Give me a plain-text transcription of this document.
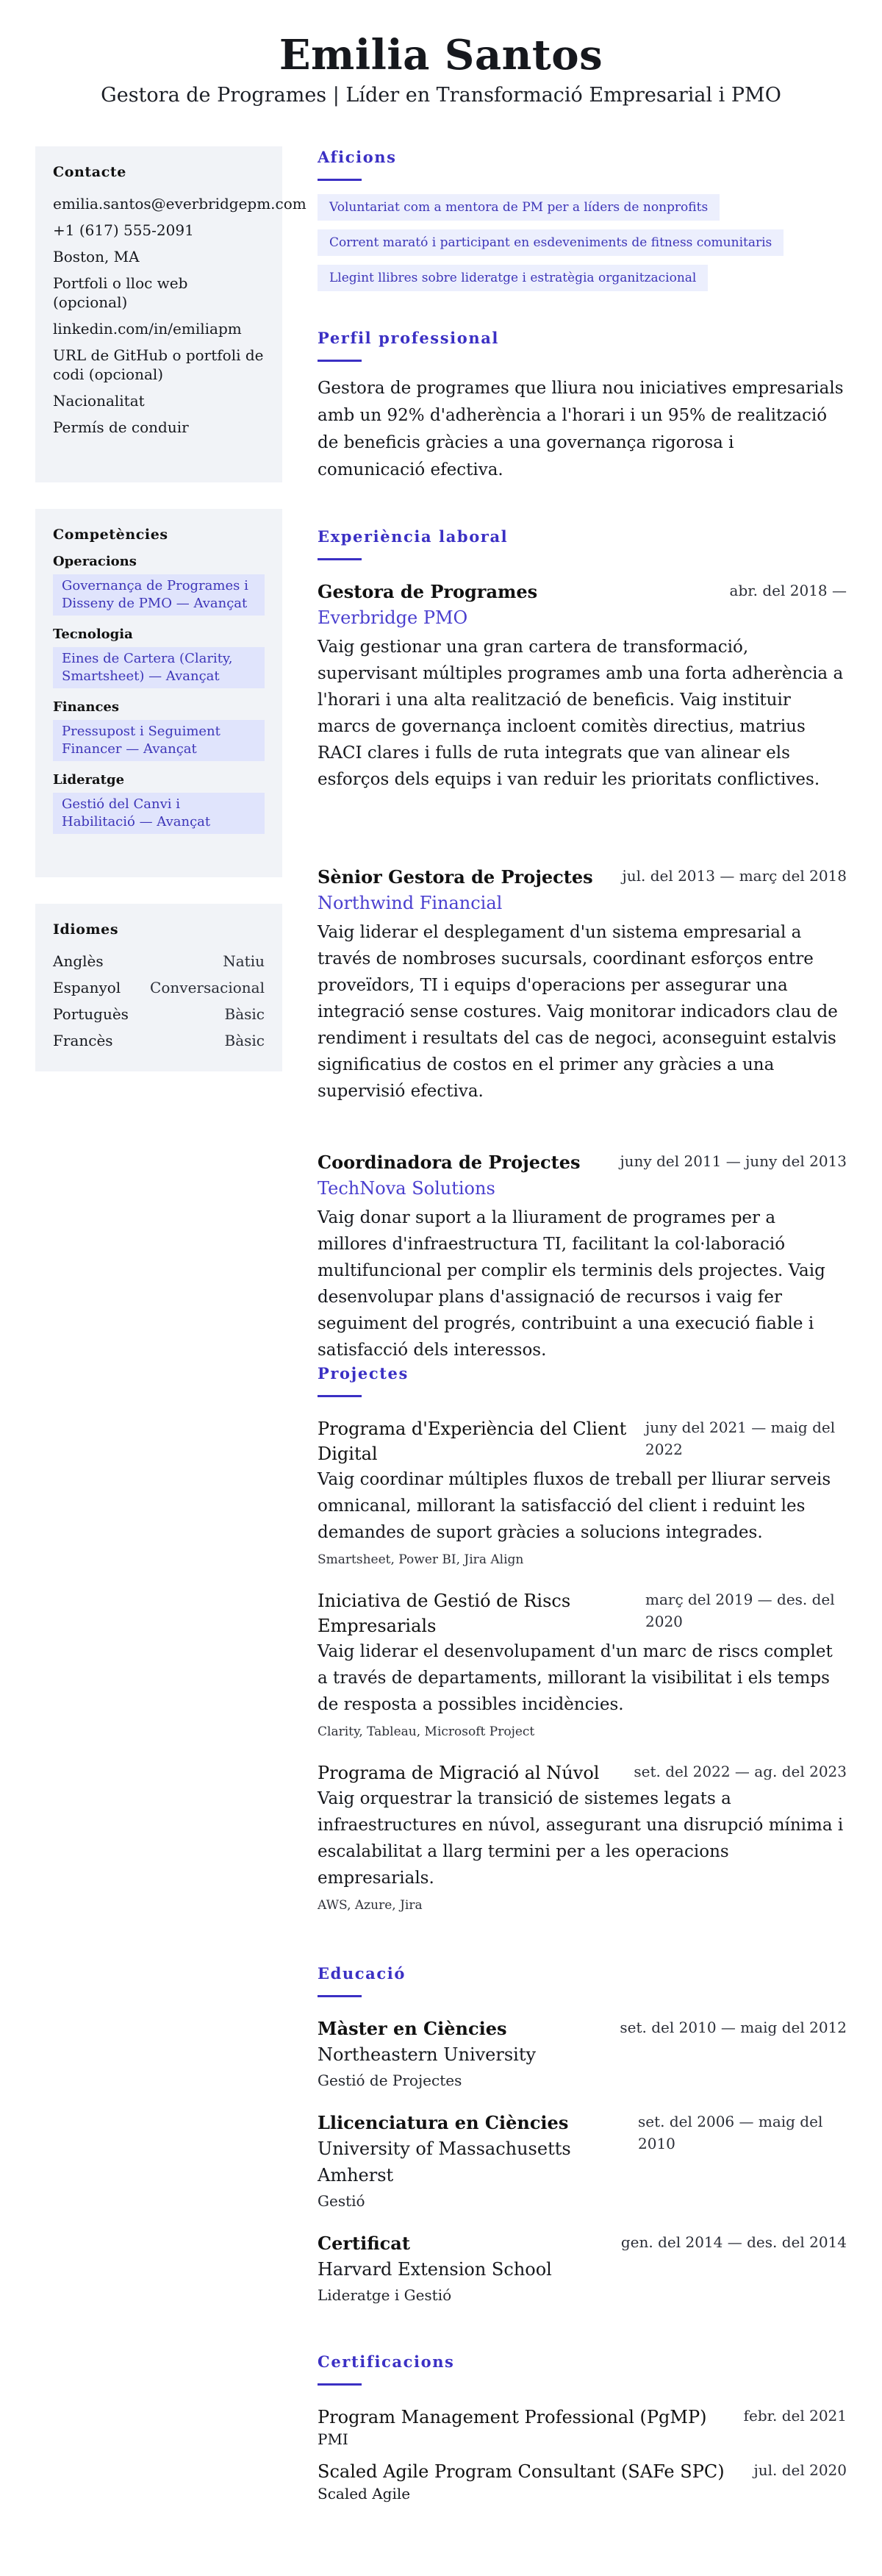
Emilia Santos
Gestora de Programes | Líder en Transformació Empresarial i PMO
Contacte
emilia.santos@everbridgepm.com
+1 (617) 555-2091
Boston, MA
Portfoli o lloc web (opcional)
linkedin.com/in/emiliapm
URL de GitHub o portfoli de codi (opcional)
Nacionalitat
Permís de conduir
Competències
Operacions
Governança de Programes i Disseny de PMO — Avançat
Tecnologia
Eines de Cartera (Clarity, Smartsheet) — Avançat
Finances
Pressupost i Seguiment Financer — Avançat
Lideratge
Gestió del Canvi i Habilitació — Avançat
Idiomes
Anglès	Natiu
Espanyol Conversacional
Portuguès	Bàsic
Francès	Bàsic
Aficions
Voluntariat com a mentora de PM per a líders de nonprofits
Corrent marató i participant en esdeveniments de fitness comunitaris
Llegint llibres sobre lideratge i estratègia organitzacional
Perfil professional

Gestora de programes que lliura nou iniciatives empresarials amb un 92% d'adherència a l'horari i un 95% de realització de beneficis gràcies a una governança rigorosa i comunicació efectiva.

Experiència laboral
Gestora de Programes	abr. del 2018 —
Everbridge PMO

Vaig gestionar una gran cartera de transformació, supervisant múltiples programes amb una forta adherència a l'horari i una alta realització de beneficis. Vaig instituir marcs de governança incloent comitès directius, matrius RACI clares i fulls de ruta integrats que van alinear els esforços dels equips i van reduir les prioritats conflictives.

Sènior Gestora de Projectes	jul. del 2013 — març del 2018
Northwind Financial

Vaig liderar el desplegament d'un sistema empresarial a través de nombroses sucursals, coordinant esforços entre proveïdors, TI i equips d'operacions per assegurar una integració sense costures. Vaig monitorar indicadors clau de rendiment i resultats del cas de negoci, aconseguint estalvis significatius de costos en el primer any gràcies a una supervisió efectiva.

Coordinadora de Projectes	juny del 2011 — juny del 2013
TechNova Solutions

Vaig donar suport a la lliurament de programes per a millores d'infraestructura TI, facilitant la col·laboració multifuncional per complir els terminis dels projectes. Vaig desenvolupar plans d'assignació de recursos i vaig fer seguiment del progrés, contribuint a una execució fiable i satisfacció dels interessos.

Projectes
Programa d'Experiència del Client Digital
juny del 2021 — maig del 2022

Vaig coordinar múltiples fluxos de treball per lliurar serveis omnicanal, millorant la satisfacció del client i reduint les demandes de suport gràcies a solucions integrades.

Smartsheet, Power BI, Jira Align
Iniciativa de Gestió de Riscs Empresarials
març del 2019 — des. del 2020

Vaig liderar el desenvolupament d'un marc de riscs complet a través de departaments, millorant la visibilitat i els temps de resposta a possibles incidències.

Clarity, Tableau, Microsoft Project
Programa de Migració al Núvol	set. del 2022 — ag. del 2023

Vaig orquestrar la transició de sistemes legats a infraestructures en núvol, assegurant una disrupció mínima i escalabilitat a llarg termini per a les operacions empresarials.

AWS, Azure, Jira
Educació
Màster en Ciències	set. del 2010 — maig del 2012
Northeastern University
Gestió de Projectes
Llicenciatura en Ciències
University of Massachusetts Amherst
set. del 2006 — maig del 2010
Gestió
Certificat	gen. del 2014 — des. del 2014
Harvard Extension School
Lideratge i Gestió
Certificacions
Program Management Professional (PgMP)	febr. del 2021
PMI
Scaled Agile Program Consultant (SAFe SPC)	jul. del 2020
Scaled Agile
